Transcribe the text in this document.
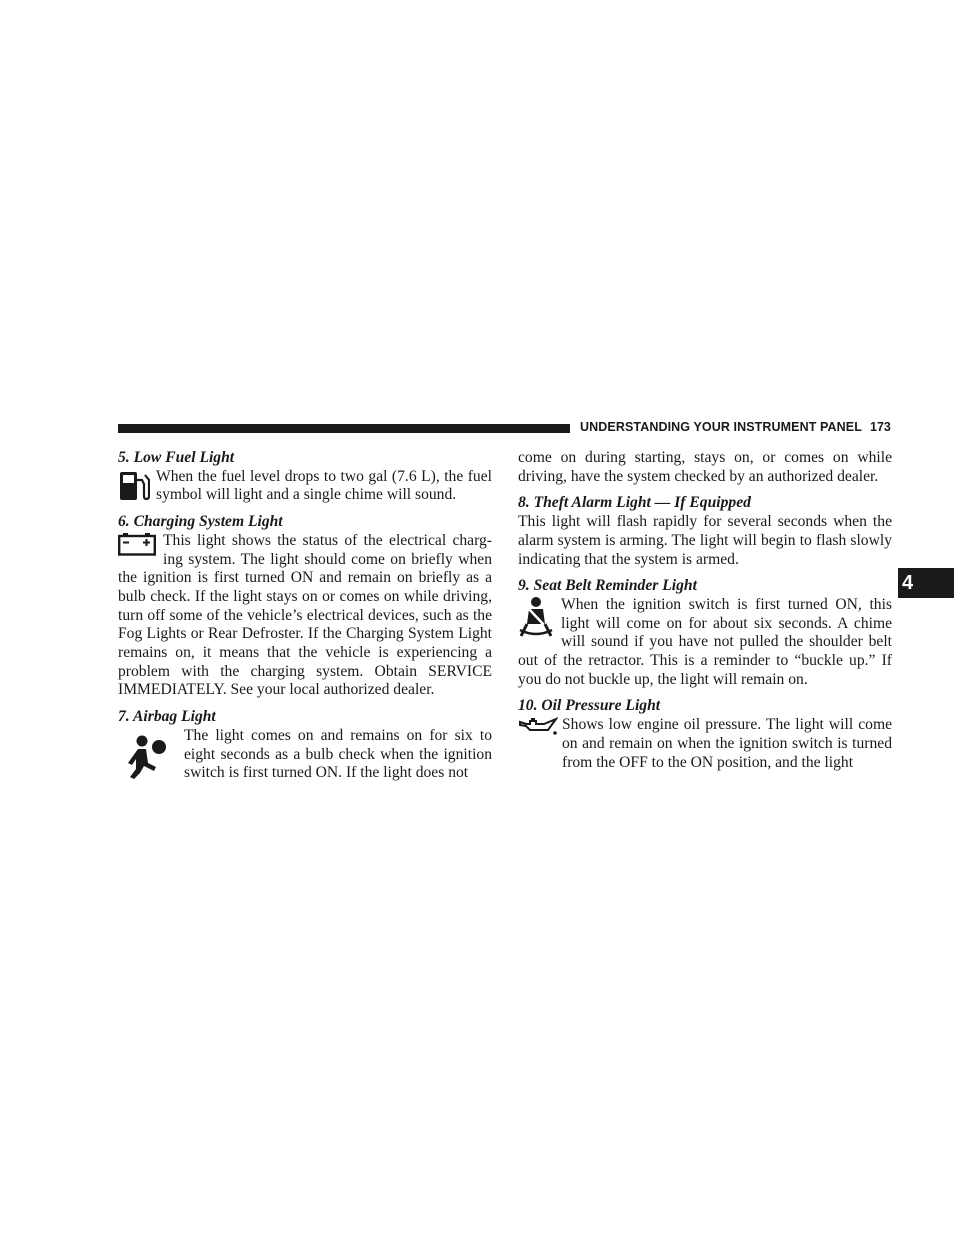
UNDERSTANDING YOUR INSTRUMENT PANEL 173
4
5. Low Fuel Light

When the fuel level drops to two gal (7.6 L), the fuel symbol will light and a single chime will sound.

6. Charging System Light

This light shows the status of the electrical charg-ing system. The light should come on briefly when the ignition is first turned ON and remain on briefly as a bulb check. If the light stays on or comes on while driving, turn off some of the vehicle’s electrical devices, such as the Fog Lights or Rear Defroster. If the Charging System Light remains on, it means that the vehicle is experiencing a problem with the charging system. Obtain SERVICE IMMEDIATELY. See your local authorized dealer.

7. Airbag Light

The light comes on and remains on for six to eight seconds as a bulb check when the ignition switch is first turned ON. If the light does not

come on during starting, stays on, or comes on while driving, have the system checked by an authorized dealer.

8. Theft Alarm Light — If Equipped

This light will flash rapidly for several seconds when the alarm system is arming. The light will begin to flash slowly indicating that the system is armed.

9. Seat Belt Reminder Light

When the ignition switch is first turned ON, this light will come on for about six seconds. A chime will sound if you have not pulled the shoulder belt out of the retractor. This is a reminder to “buckle up.” If you do not buckle up, the light will remain on.

10. Oil Pressure Light

Shows low engine oil pressure. The light will come on and remain on when the ignition switch is turned from the OFF to the ON position, and the light
